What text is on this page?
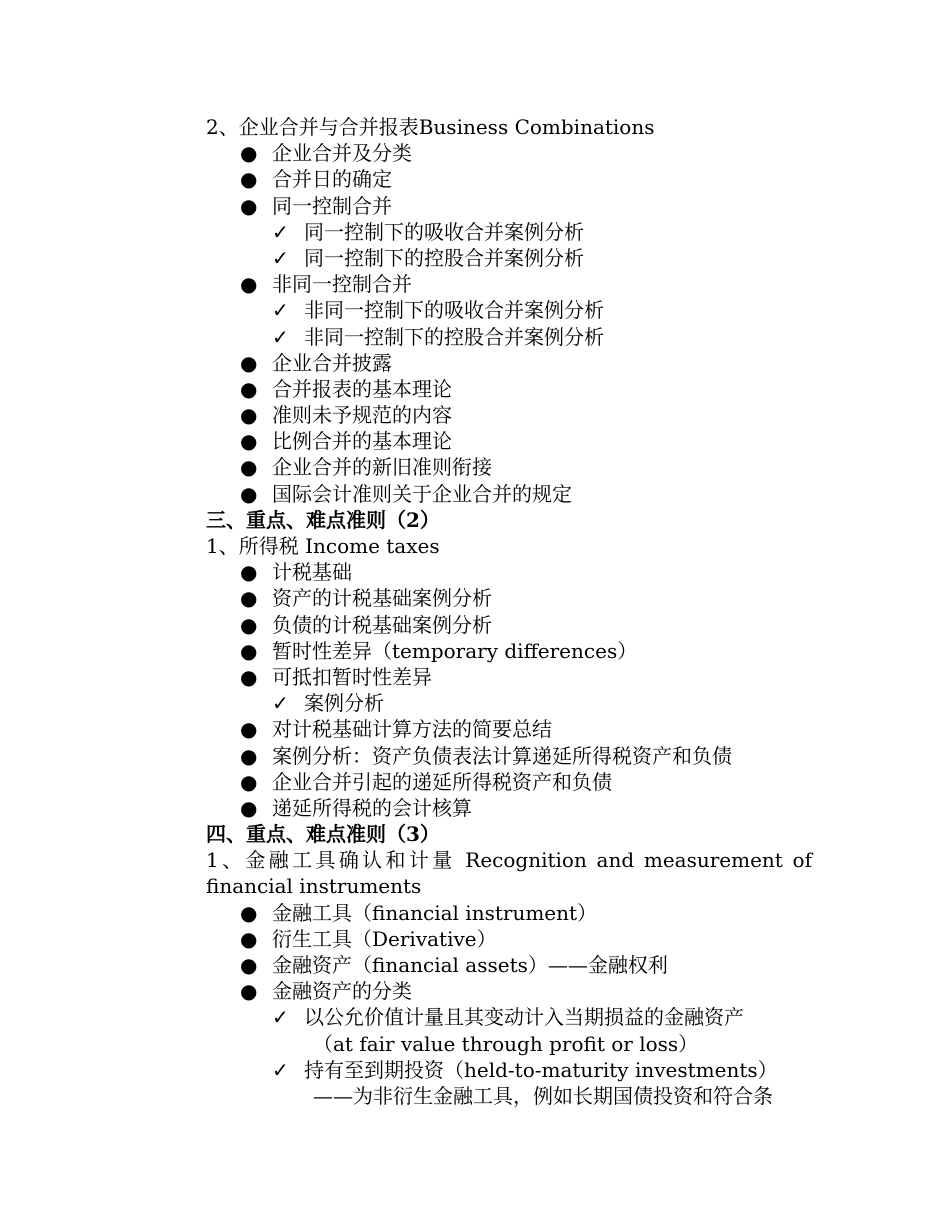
2、企业合并与合并报表Business Combinations
● 企业合并及分类
● 合并日的确定
● 同一控制合并
✓ 同一控制下的吸收合并案例分析
✓ 同一控制下的控股合并案例分析
● 非同一控制合并
✓ 非同一控制下的吸收合并案例分析
✓ 非同一控制下的控股合并案例分析
● 企业合并披露
● 合并报表的基本理论
● 准则未予规范的内容
● 比例合并的基本理论
● 企业合并的新旧准则衔接
● 国际会计准则关于企业合并的规定
三、重点、难点准则（2）
1、所得税 Income taxes
● 计税基础
● 资产的计税基础案例分析
● 负债的计税基础案例分析
● 暂时性差异（temporary differences）
● 可抵扣暂时性差异
✓ 案例分析
● 对计税基础计算方法的简要总结
● 案例分析：资产负债表法计算递延所得税资产和负债
● 企业合并引起的递延所得税资产和负债
● 递延所得税的会计核算
四、重点、难点准则（3）
1、金融工具确认和计量 Recognition and measurement of
financial instruments
● 金融工具（financial instrument）
● 衍生工具（Derivative）
● 金融资产（financial assets）——金融权利
● 金融资产的分类
✓ 以公允价值计量且其变动计入当期损益的金融资产
（at fair value through profit or loss）
✓ 持有至到期投资（held-to-maturity investments）
——为非衍生金融工具，例如长期国债投资和符合条
